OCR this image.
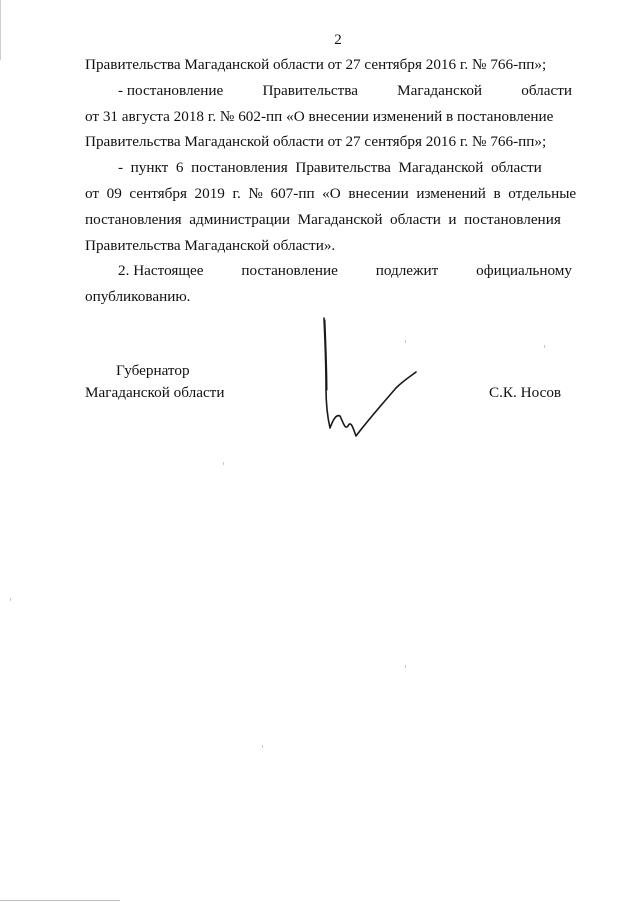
2
Правительства Магаданской области от 27 сентября 2016 г. № 766-пп»;
- постановление	Правительства	Магаданской	области
от 31 августа 2018 г. № 602-пп «О внесении изменений в постановление
Правительства Магаданской области от 27 сентября 2016 г. № 766-пп»;
-  пункт  6  постановления  Правительства  Магаданской  области
от  09  сентября  2019  г.  №  607-пп  «О  внесении  изменений  в  отдельные
постановления  администрации  Магаданской  области  и  постановления
Правительства Магаданской области».
2. Настоящее постановление подлежит официальному
опубликованию.
Губернатор
Магаданской области	С.К. Носов
